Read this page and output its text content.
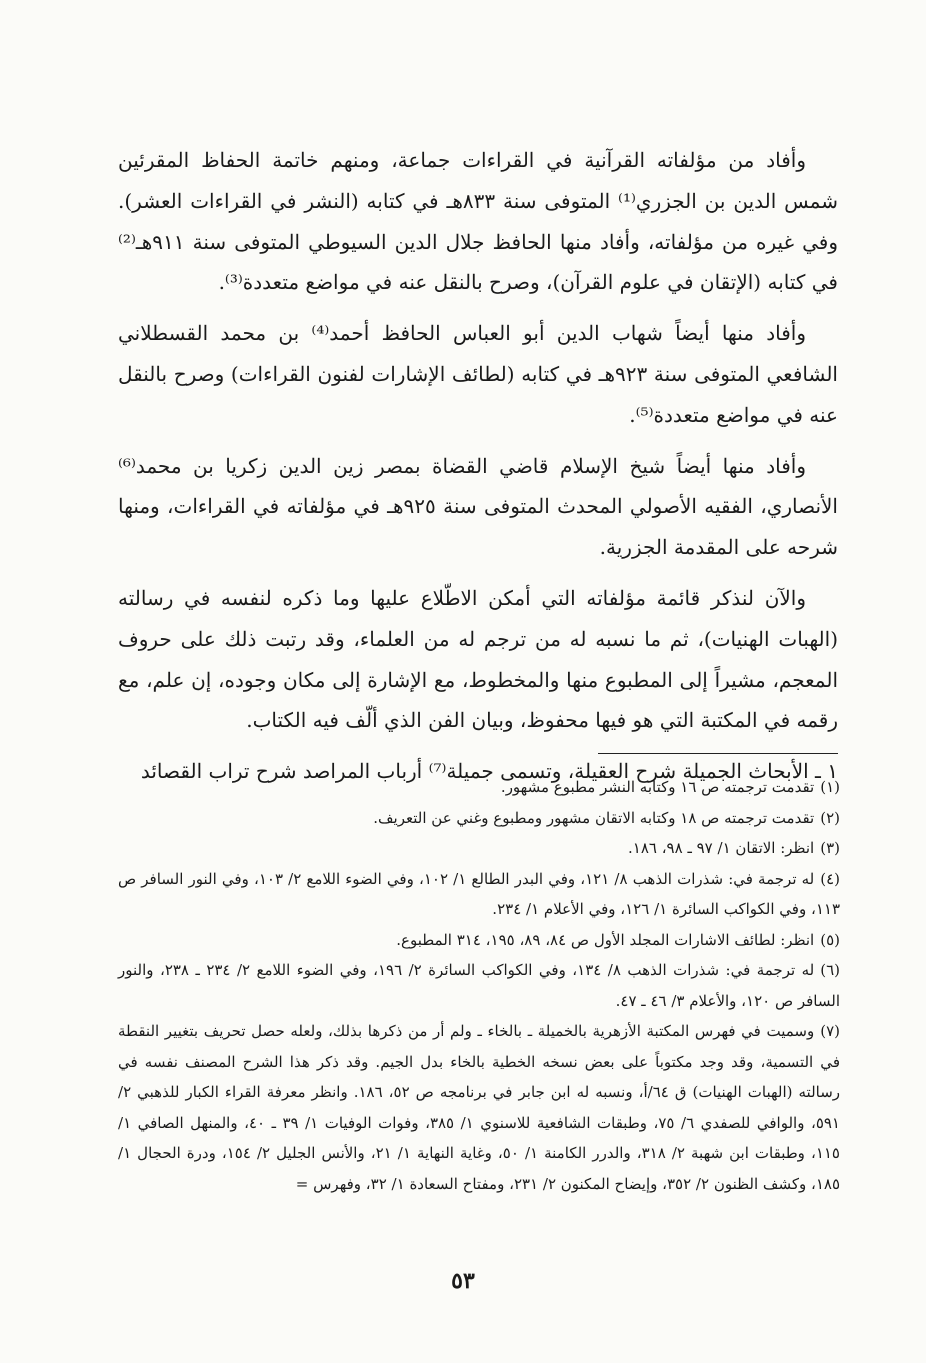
وأفاد من مؤلفاته القرآنية في القراءات جماعة، ومنهم خاتمة الحفاظ المقرئين شمس الدين بن الجزري⁽¹⁾ المتوفى سنة ٨٣٣هـ في كتابه (النشر في القراءات العشر). وفي غيره من مؤلفاته، وأفاد منها الحافظ جلال الدين السيوطي المتوفى سنة ٩١١هـ⁽²⁾ في كتابه (الإتقان في علوم القرآن)، وصرح بالنقل عنه في مواضع متعددة⁽³⁾.

وأفاد منها أيضاً شهاب الدين أبو العباس الحافظ أحمد⁽⁴⁾ بن محمد القسطلاني الشافعي المتوفى سنة ٩٢٣هـ في كتابه (لطائف الإشارات لفنون القراءات) وصرح بالنقل عنه في مواضع متعددة⁽⁵⁾.

وأفاد منها أيضاً شيخ الإسلام قاضي القضاة بمصر زين الدين زكريا بن محمد⁽⁶⁾ الأنصاري، الفقيه الأصولي المحدث المتوفى سنة ٩٢٥هـ في مؤلفاته في القراءات، ومنها شرحه على المقدمة الجزرية.

والآن لنذكر قائمة مؤلفاته التي أمكن الاطّلاع عليها وما ذكره لنفسه في رسالته (الهبات الهنيات)، ثم ما نسبه له من ترجم له من العلماء، وقد رتبت ذلك على حروف المعجم، مشيراً إلى المطبوع منها والمخطوط، مع الإشارة إلى مكان وجوده، إن علم، مع رقمه في المكتبة التي هو فيها محفوظ، وبيان الفن الذي ألّف فيه الكتاب.

١ ـ الأبحاث الجميلة شرح العقيلة، وتسمى جميلة⁽⁷⁾ أرباب المراصد شرح تراب القصائد

(١)تقدمت ترجمته ص ١٦ وكتابه النشر مطبوع مشهور.
(٢)تقدمت ترجمته ص ١٨ وكتابه الاتقان مشهور ومطبوع وغني عن التعريف.
(٣)انظر: الاتقان ١/ ٩٧ ـ ٩٨، ١٨٦.
(٤)له ترجمة في: شذرات الذهب ٨/ ١٢١، وفي البدر الطالع ١/ ١٠٢، وفي الضوء اللامع ٢/ ١٠٣، وفي النور السافر ص ١١٣، وفي الكواكب السائرة ١/ ١٢٦، وفي الأعلام ١/ ٢٣٤.
(٥)انظر: لطائف الاشارات المجلد الأول ص ٨٤، ٨٩، ١٩٥، ٣١٤ المطبوع.
(٦)له ترجمة في: شذرات الذهب ٨/ ١٣٤، وفي الكواكب السائرة ٢/ ١٩٦، وفي الضوء اللامع ٢/ ٢٣٤ ـ ٢٣٨، والنور السافر ص ١٢٠، والأعلام ٣/ ٤٦ ـ ٤٧.
(٧)وسميت في فهرس المكتبة الأزهرية بالخميلة ـ بالخاء ـ ولم أر من ذكرها بذلك، ولعله حصل تحريف بتغيير النقطة في التسمية، وقد وجد مكتوباً على بعض نسخه الخطية بالخاء بدل الجيم. وقد ذكر هذا الشرح المصنف نفسه في رسالته (الهبات الهنيات) ق ٦٤/أ، ونسبه له ابن جابر في برنامجه ص ٥٢، ١٨٦. وانظر معرفة القراء الكبار للذهبي ٢/ ٥٩١، والوافي للصفدي ٦/ ٧٥، وطبقات الشافعية للاسنوي ١/ ٣٨٥، وفوات الوفيات ١/ ٣٩ ـ ٤٠، والمنهل الصافي ١/ ١١٥، وطبقات ابن شهبة ٢/ ٣١٨، والدرر الكامنة ١/ ٥٠، وغاية النهاية ١/ ٢١، والأنس الجليل ٢/ ١٥٤، ودرة الحجال ١/ ١٨٥، وكشف الظنون ٢/ ٣٥٢، وإيضاح المكنون ٢/ ٢٣١، ومفتاح السعادة ١/ ٣٢، وفهرس =
٥٣
